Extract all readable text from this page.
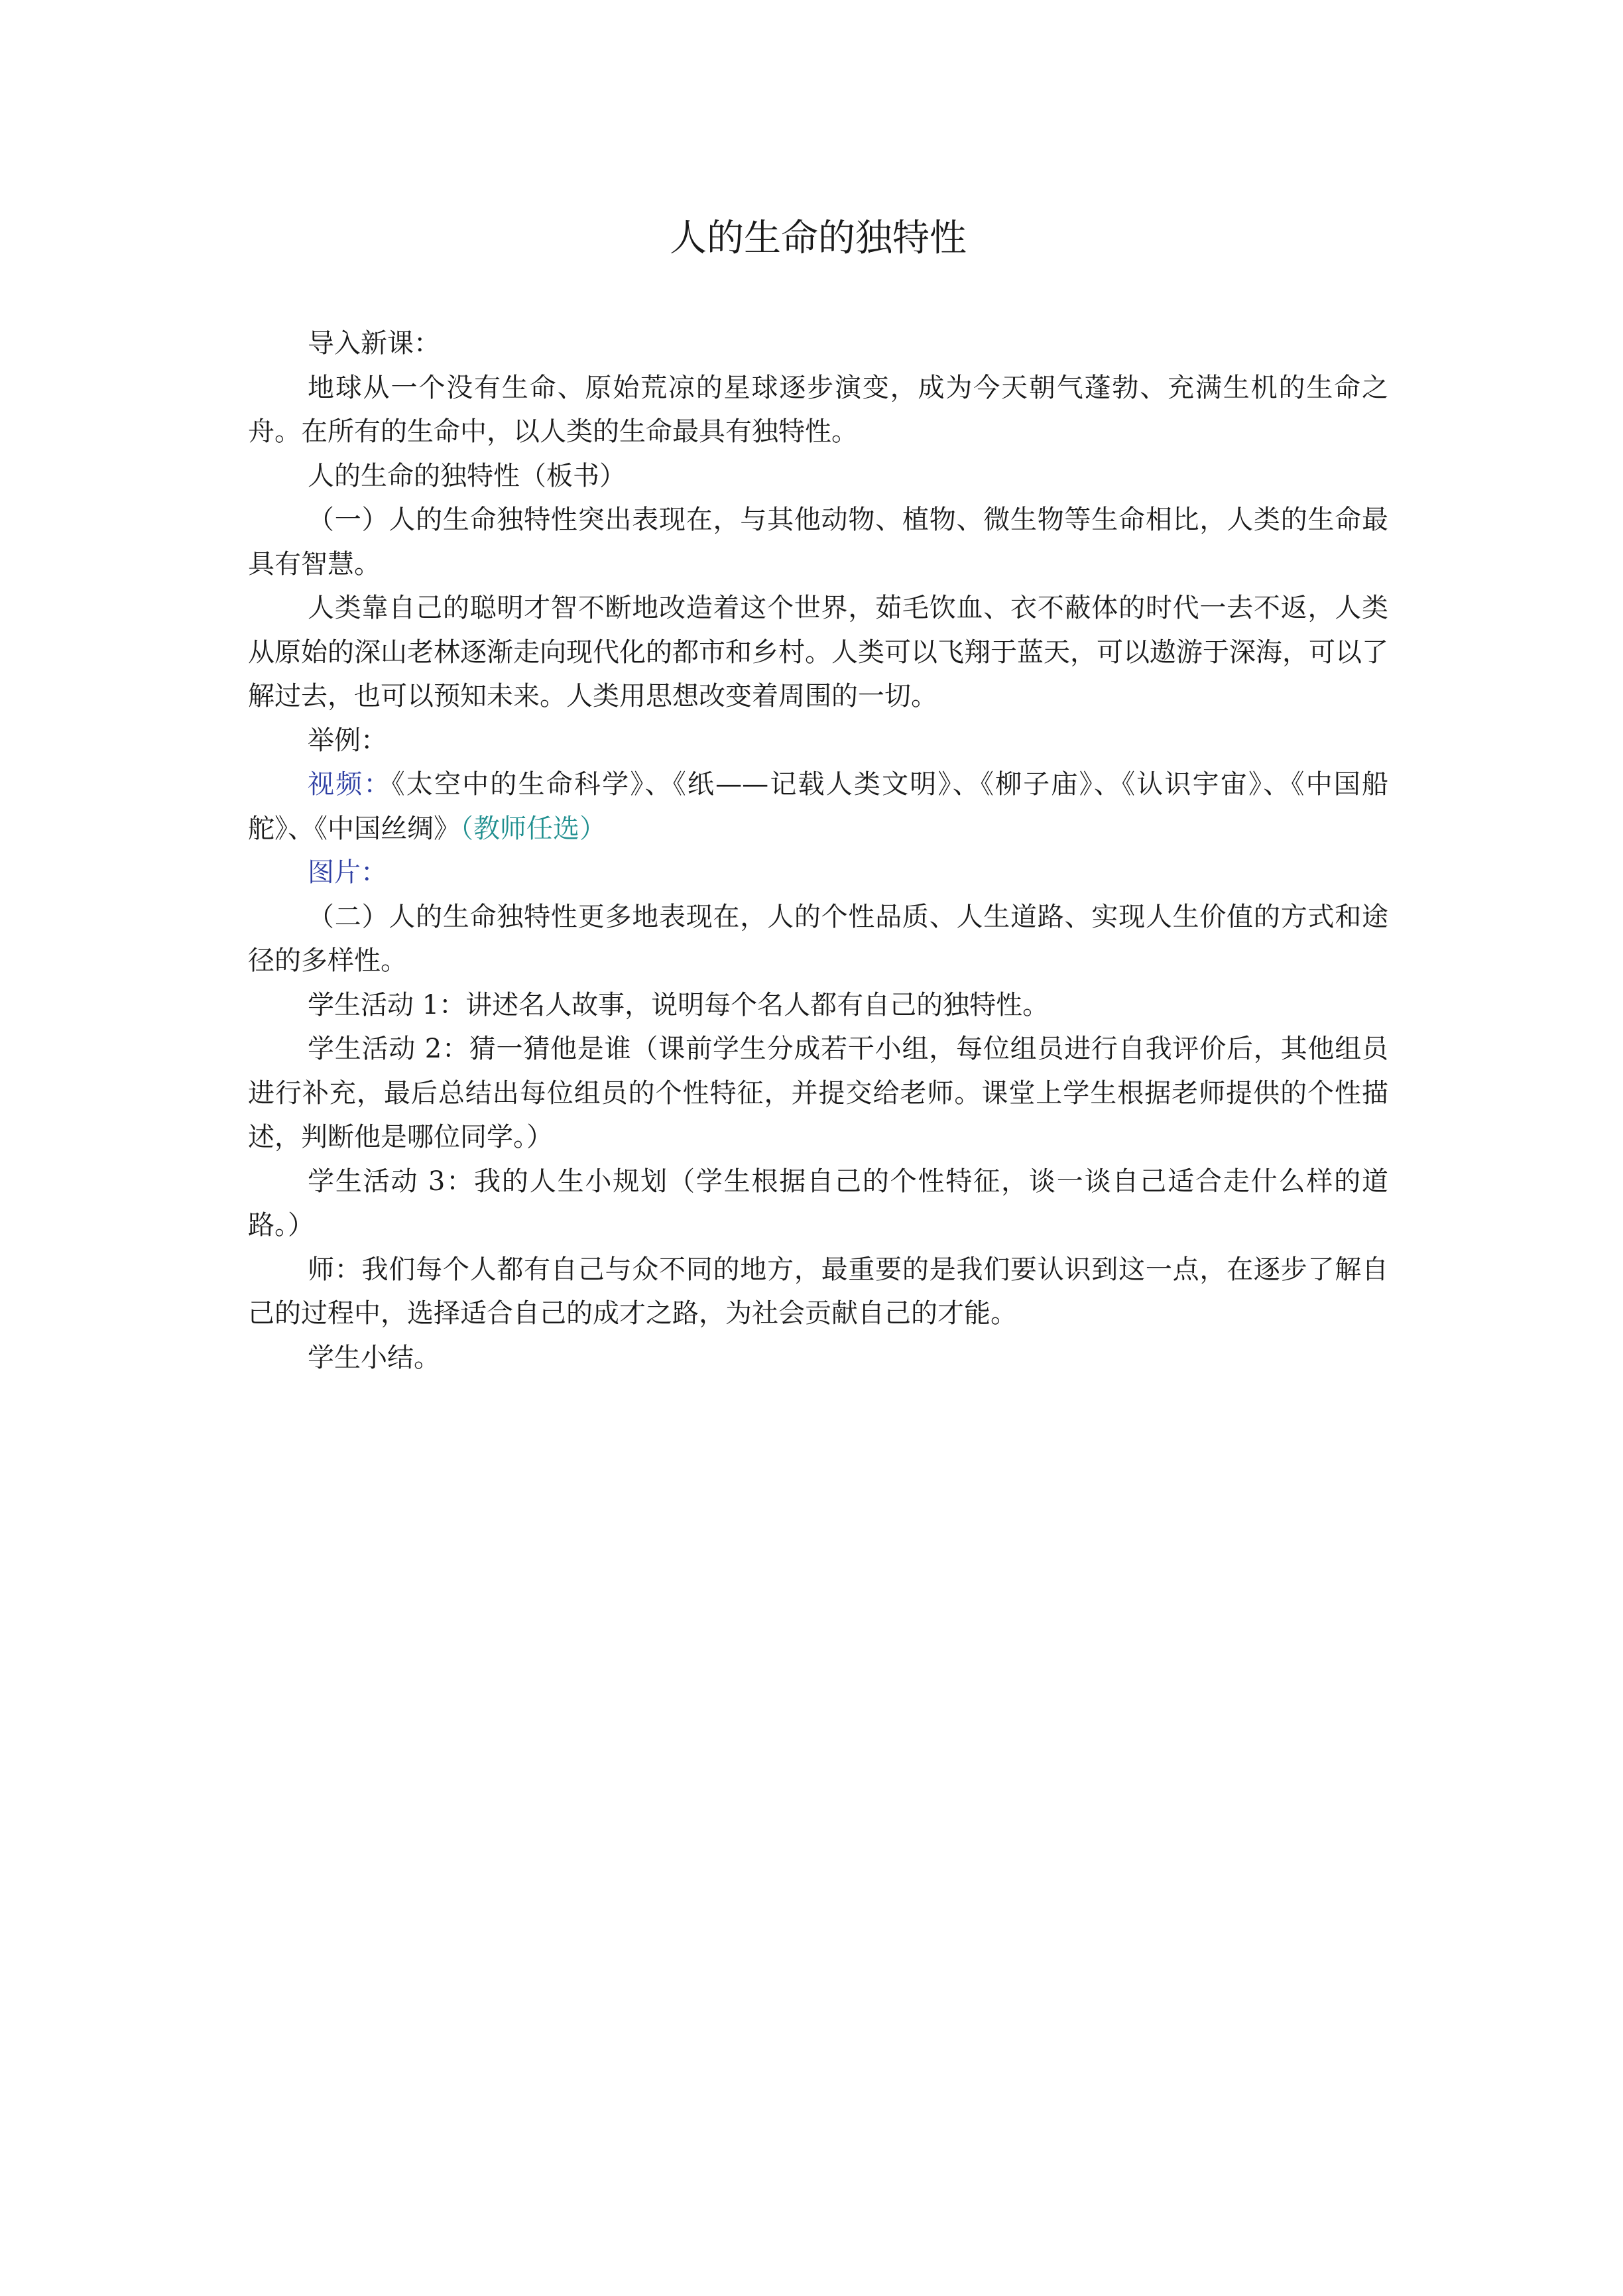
人的生命的独特性

导入新课：

地球从一个没有生命、原始荒凉的星球逐步演变，成为今天朝气蓬勃、充满生机的生命之舟。在所有的生命中，以人类的生命最具有独特性。

人的生命的独特性（板书）

（一）人的生命独特性突出表现在，与其他动物、植物、微生物等生命相比，人类的生命最具有智慧。

人类靠自己的聪明才智不断地改造着这个世界，茹毛饮血、衣不蔽体的时代一去不返，人类从原始的深山老林逐渐走向现代化的都市和乡村。人类可以飞翔于蓝天，可以遨游于深海，可以了解过去，也可以预知未来。人类用思想改变着周围的一切。

举例：

视频：《太空中的生命科学》、《纸——记载人类文明》、《柳子庙》、《认识宇宙》、《中国船舵》、《中国丝绸》（教师任选）

图片：

（二）人的生命独特性更多地表现在，人的个性品质、人生道路、实现人生价值的方式和途径的多样性。

学生活动 1：讲述名人故事，说明每个名人都有自己的独特性。

学生活动 2：猜一猜他是谁（课前学生分成若干小组，每位组员进行自我评价后，其他组员进行补充，最后总结出每位组员的个性特征，并提交给老师。课堂上学生根据老师提供的个性描述，判断他是哪位同学。）

学生活动 3：我的人生小规划（学生根据自己的个性特征，谈一谈自己适合走什么样的道路。）

师：我们每个人都有自己与众不同的地方，最重要的是我们要认识到这一点，在逐步了解自己的过程中，选择适合自己的成才之路，为社会贡献自己的才能。

学生小结。
